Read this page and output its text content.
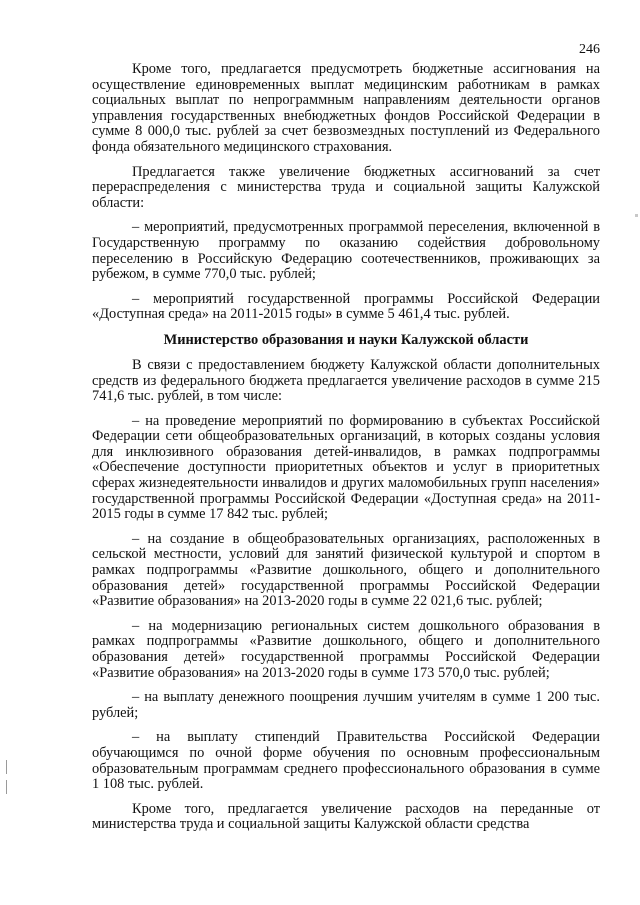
246

Кроме того, предлагается предусмотреть бюджетные ассигнования на осуществление единовременных выплат медицинским работникам в рамках социальных выплат по непрограммным направлениям деятельности органов управления государственных внебюджетных фондов Российской Федерации в сумме 8 000,0 тыс. рублей за счет безвозмездных поступлений из Федерального фонда обязательного медицинского страхования.

Предлагается также увеличение бюджетных ассигнований за счет перераспределения с министерства труда и социальной защиты Калужской области:

– мероприятий, предусмотренных программой переселения, включенной в Государственную программу по оказанию содействия добровольному переселению в Российскую Федерацию соотечественников, проживающих за рубежом, в сумме 770,0 тыс. рублей;

– мероприятий государственной программы Российской Федерации «Доступная среда» на 2011-2015 годы» в сумме 5 461,4 тыс. рублей.

Министерство образования и науки Калужской области

В связи с предоставлением бюджету Калужской области дополнительных средств из федерального бюджета предлагается увеличение расходов в сумме 215 741,6 тыс. рублей, в том числе:

– на проведение мероприятий по формированию в субъектах Российской Федерации сети общеобразовательных организаций, в которых созданы условия для инклюзивного образования детей-инвалидов, в рамках подпрограммы «Обеспечение доступности приоритетных объектов и услуг в приоритетных сферах жизнедеятельности инвалидов и других маломобильных групп населения» государственной программы Российской Федерации «Доступная среда» на 2011-2015 годы в сумме 17 842 тыс. рублей;

– на создание в общеобразовательных организациях, расположенных в сельской местности, условий для занятий физической культурой и спортом в рамках подпрограммы «Развитие дошкольного, общего и дополнительного образования детей» государственной программы Российской Федерации «Развитие образования» на 2013-2020 годы в сумме 22 021,6 тыс. рублей;

– на модернизацию региональных систем дошкольного образования в рамках подпрограммы «Развитие дошкольного, общего и дополнительного образования детей» государственной программы Российской Федерации «Развитие образования» на 2013-2020 годы в сумме 173 570,0 тыс. рублей;

– на выплату денежного поощрения лучшим учителям в сумме 1 200 тыс. рублей;

– на выплату стипендий Правительства Российской Федерации обучающимся по очной форме обучения по основным профессиональным образовательным программам среднего профессионального образования в сумме 1 108 тыс. рублей.

Кроме того, предлагается увеличение расходов на переданные от министерства труда и социальной защиты Калужской области средства
